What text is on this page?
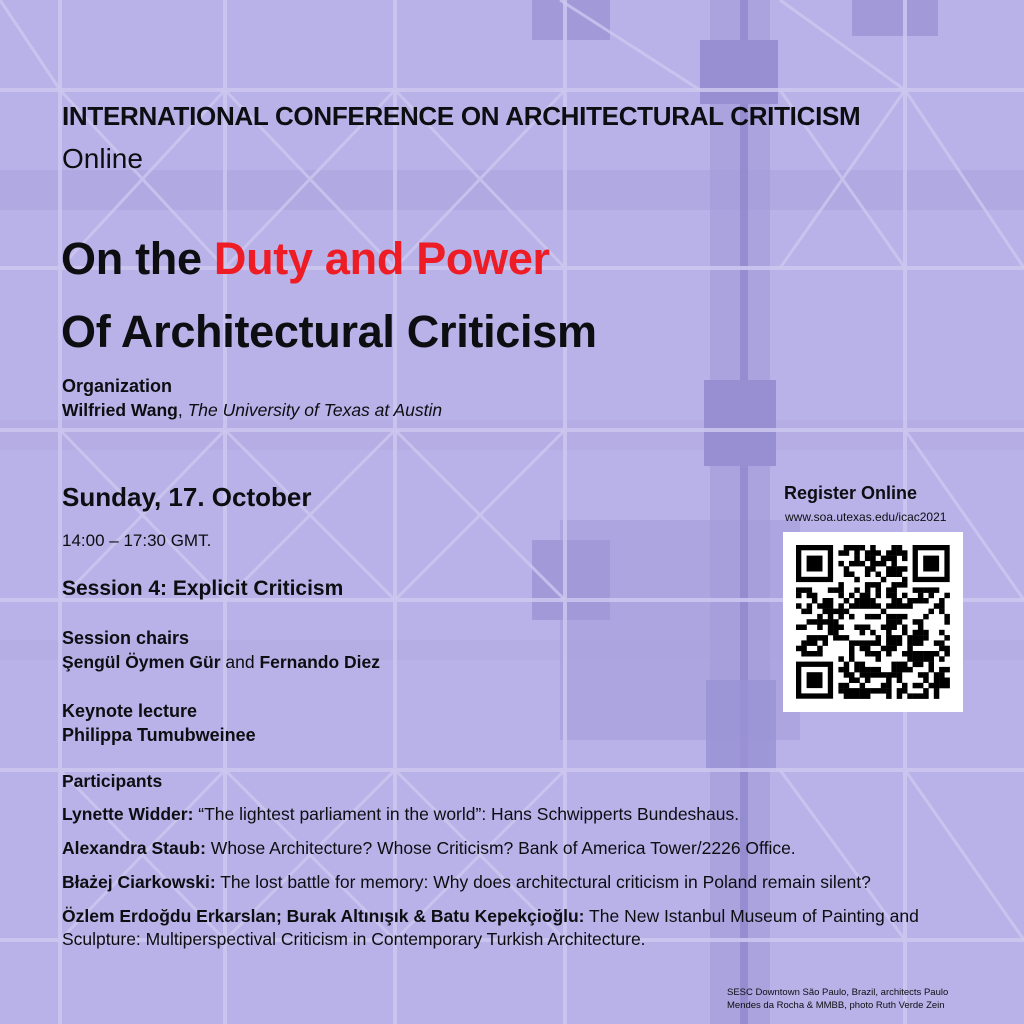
INTERNATIONAL CONFERENCE ON ARCHITECTURAL CRITICISM
Online
On the Duty and Power
Of Architectural Criticism
Organization
Wilfried Wang, The University of Texas at Austin
Sunday, 17. October
14:00 – 17:30 GMT.
Session 4: Explicit Criticism
Session chairs
Şengül Öymen Gür and Fernando Diez
Keynote lecture
Philippa Tumubweinee
Participants
Lynette Widder: “The lightest parliament in the world”: Hans Schwipperts Bundeshaus.
Alexandra Staub: Whose Architecture? Whose Criticism? Bank of America Tower/2226 Office.
Błażej Ciarkowski: The lost battle for memory: Why does architectural criticism in Poland remain silent?
Özlem Erdoğdu Erkarslan; Burak Altınışık & Batu Kepekçioğlu: The New Istanbul Museum of Painting and Sculpture: Multiperspectival Criticism in Contemporary Turkish Architecture.
Register Online
www.soa.utexas.edu/icac2021
SESC Downtown São Paulo, Brazil, architects Paulo
Mendes da Rocha & MMBB, photo Ruth Verde Zein
